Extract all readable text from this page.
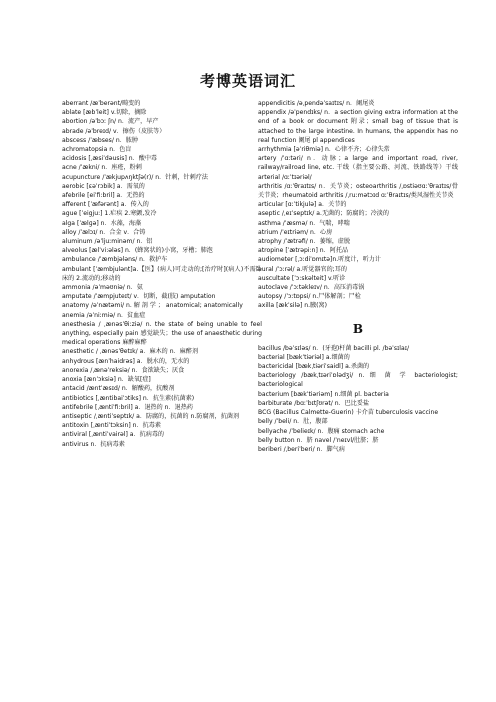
考博英语词汇

aberrant /æˈberənt/畸变的

ablate [æbˈleit] v.切除，摘除

abortion /əˈbɔː ʃn/ n．流产，早产

abrade /əˈbreɪd/ v．擦伤（皮肤等）

abscess /ˈæbses/ n．脓肿

achromatopsia n．色盲

acidosis [ˌæsiˈdəusis] n．酸中毒

acne /ˈækni/ n．座疮，粉刺

acupuncture /ˈækjupʌŋktʃə(r)/ n．针刺，针刺疗法

aerobic [ɛəˈrɔbik] a．需氧的

afebrile [eiˈfi:bril] a．无热的

afferent [ˈæfərənt] a．传入的

ague [ˈeigju:] 1.疟疾 2.寒颤,发冷

alga [ˈælɡə] n．水藻，海藻

alloy /ˈælɔɪ/ n．合金 v．合铸

aluminum /əˈljuːminəm/ n．铝

alveolus [ælˈvi:ələs] n．(蜂窝状的)小窝，牙槽；肺泡

ambulance /ˈæmbjələns/ n．救护车

ambulant [ˈæmbjulənt]a.【医】(病人)可走动的;[治疗时](病人)不需卧床的 2.流动的;移动的

ammonia /əˈməʊniə/ n．氨

amputate /ˈæmpjuteɪt/ v．切断，截(肢) amputation

anatomy /əˈnætəmi/ n. 解 剖 学 ； anatomical; anatomically

anemia /əˈniːmiə/ n．贫血症

anesthesia / ˌænəsˈθiːziə/ n. the state of being unable to feel anything, especially pain 感觉缺失；the use of anaesthetic during medical operations 麻醉麻醉

anesthetic / ˌænəsˈθetɪk/ a．麻木的 n．麻醉剂

anhydrous [ænˈhaidrəs] a．脱水的，无水的

anorexia /ˌænəˈreksiə/ n．食欲缺失；厌食

anoxia [ænˈɔksiə] n．缺氧[症]

antacid /æntˈæsɪd/ n．解酸药，抗酸剂

antibiotics [ˌæntibaiˈɔtiks] n．抗生素(抗菌素)

antifebrile [ˌæntiˈfi:bril] a．退热的 n．退热药

antiseptic /ˌæntiˈseptɪk/ a．防腐的，抗菌的 n.防腐剂，抗菌剂

antitoxin [ˌæntiˈtɔksin] n．抗毒素

antiviral [ˌæntiˈvairəl] a．抗病毒的

antivirus n．抗病毒素

appendicitis /əˌpendəˈsaɪtɪs/ n．阑尾炎

appendix /əˈpendɪks/ n．a section giving extra information at the end of a book or document 附录；small bag of tissue that is attached to the large intestine. In humans, the appendix has no real function 阑尾 pl appendices

arrhythmia [əˈriθmiə] n．心律不齐；心律失常

artery /ˈɑːtəri/ n．动脉；a large and important road, river, railway/railroad line, etc. 干线（指主要公路、河流、铁路线等）干线 arterial /ɑːˈtɪəriəl/

arthritis /ɑːˈθraɪtɪs/ n．关节炎；osteoarthritis /ˌɒstiəʊɑːˈθraɪtɪs/骨关节炎；rheumatoid arthritis /ˌruːmətɔɪd ɑːˈθraɪtɪs/类风湿性关节炎

articular [ɑːˈtikjulə] a．关节的

aseptic /ˌeɪˈseptɪk/ a.无菌的；防腐的；冷淡的

asthma /ˈæsmə/ n．气喘，哮喘

atrium /ˈeɪtriəm/ n．心房

atrophy /ˈætrəfi/ n．萎缩，虚脱

atropine [ˈætrəpi:n] n．阿托品

audiometer [ˌɔːdiˈɒmɪtə]n.听度计，听力计

aural /ˈɔːrəl/ a.听觉器官的;耳的

auscultate [ˈɔ:skəlteit] v.听诊

autoclave /ˈɔːtəkleɪv/ n．高压消毒锅

autopsy /ˈɔːtɒpsi/ n.尸体解剖；尸检

axilla [ækˈsilə] n.腋(窝)

B

bacillus /bəˈsɪləs/ n．(牙孢)杆菌 bacilli pl. /bəˈsɪlaɪ/

bacterial [bækˈtiəriəl] a.细菌的

bactericidal [bækˌtiəriˈsaidl] a.杀菌的

bacteriology /bækˌtɪəriˈɒlədʒi/ n. 细 菌 学 bacteriologist; bacteriological

bacterium [bækˈtiəriəm] n.细菌 pl. bacteria

barbiturate /bɑːˈbɪtʃʊrət/ n．巴比妥盐

BCG (Bacillus Calmette-Guerin) 卡介苗 tuberculosis vaccine

belly /ˈbeli/ n．肚，腹部

bellyache /ˈbelieɪk/ n．腹痛 stomach ache

belly button n．脐 navel /ˈneɪvl/肚脐；脐

beriberi /ˌberiˈberi/ n．脚气病
